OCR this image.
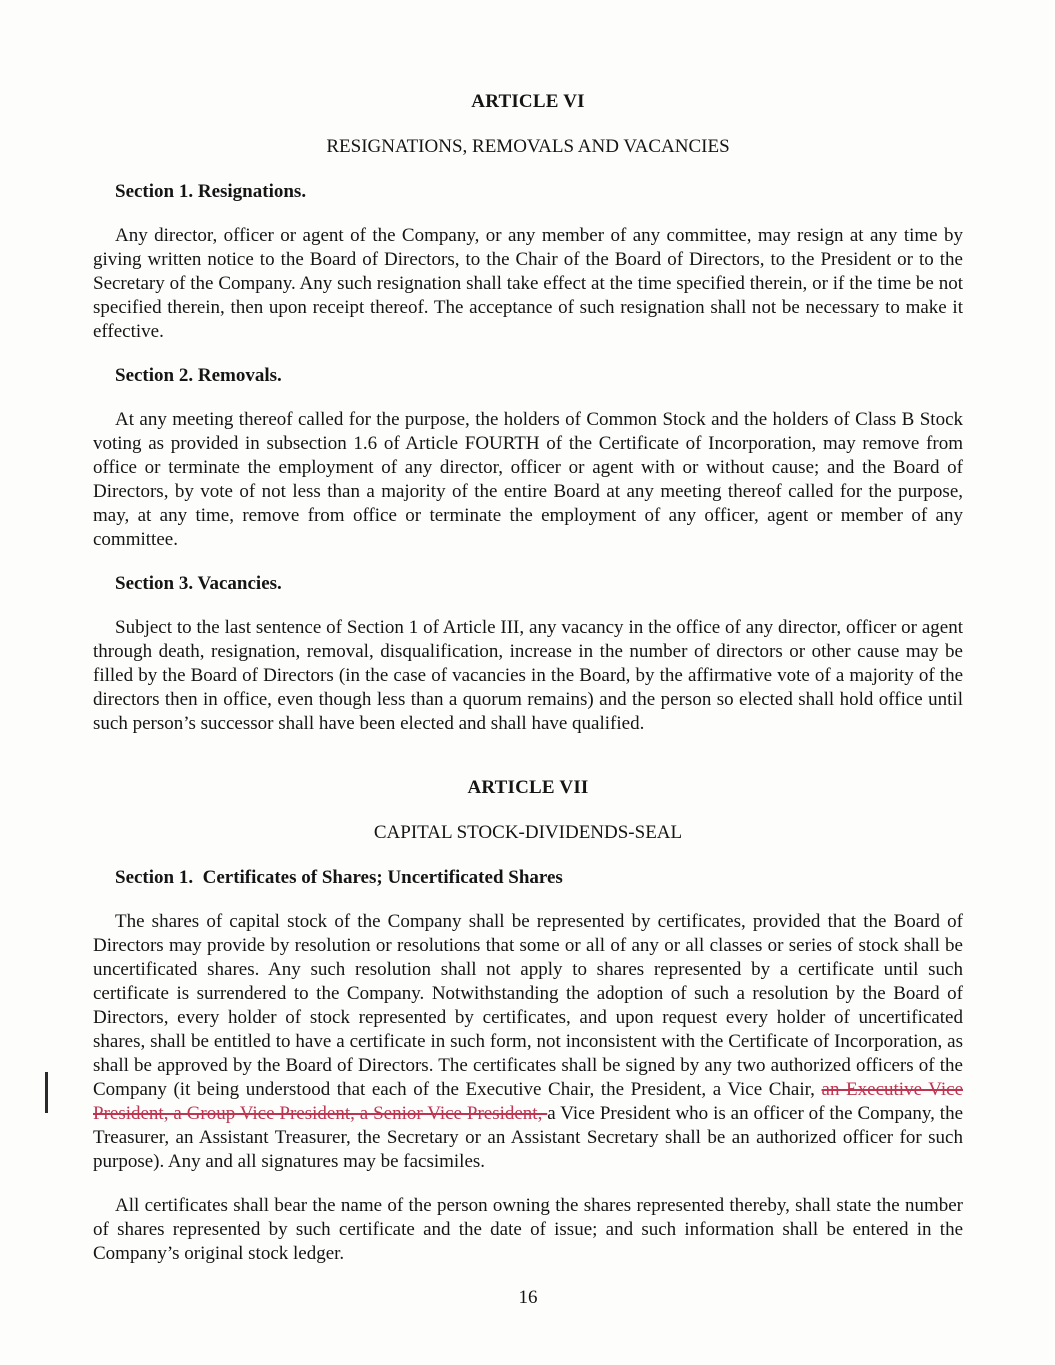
ARTICLE VI
RESIGNATIONS, REMOVALS AND VACANCIES
Section 1. Resignations.

Any director, officer or agent of the Company, or any member of any committee, may resign at any time by giving written notice to the Board of Directors, to the Chair of the Board of Directors, to the President or to the Secretary of the Company. Any such resignation shall take effect at the time specified therein, or if the time be not specified therein, then upon receipt thereof. The acceptance of such resignation shall not be necessary to make it effective.

Section 2. Removals.

At any meeting thereof called for the purpose, the holders of Common Stock and the holders of Class B Stock voting as provided in subsection 1.6 of Article FOURTH of the Certificate of Incorporation, may remove from office or terminate the employment of any director, officer or agent with or without cause; and the Board of Directors, by vote of not less than a majority of the entire Board at any meeting thereof called for the purpose, may, at any time, remove from office or terminate the employment of any officer, agent or member of any committee.

Section 3. Vacancies.

Subject to the last sentence of Section 1 of Article III, any vacancy in the office of any director, officer or agent through death, resignation, removal, disqualification, increase in the number of directors or other cause may be filled by the Board of Directors (in the case of vacancies in the Board, by the affirmative vote of a majority of the directors then in office, even though less than a quorum remains) and the person so elected shall hold office until such person’s successor shall have been elected and shall have qualified.

ARTICLE VII
CAPITAL STOCK-DIVIDENDS-SEAL
Section 1.  Certificates of Shares; Uncertificated Shares

The shares of capital stock of the Company shall be represented by certificates, provided that the Board of Directors may provide by resolution or resolutions that some or all of any or all classes or series of stock shall be uncertificated shares. Any such resolution shall not apply to shares represented by a certificate until such certificate is surrendered to the Company. Notwithstanding the adoption of such a resolution by the Board of Directors, every holder of stock represented by certificates, and upon request every holder of uncertificated shares, shall be entitled to have a certificate in such form, not inconsistent with the Certificate of Incorporation, as shall be approved by the Board of Directors. The certificates shall be signed by any two authorized officers of the Company (it being understood that each of the Executive Chair, the President, a Vice Chair, an Executive Vice President, a Group Vice President, a Senior Vice President, a Vice President who is an officer of the Company, the Treasurer, an Assistant Treasurer, the Secretary or an Assistant Secretary shall be an authorized officer for such purpose). Any and all signatures may be facsimiles.

All certificates shall bear the name of the person owning the shares represented thereby, shall state the number of shares represented by such certificate and the date of issue; and such information shall be entered in the Company’s original stock ledger.

16
